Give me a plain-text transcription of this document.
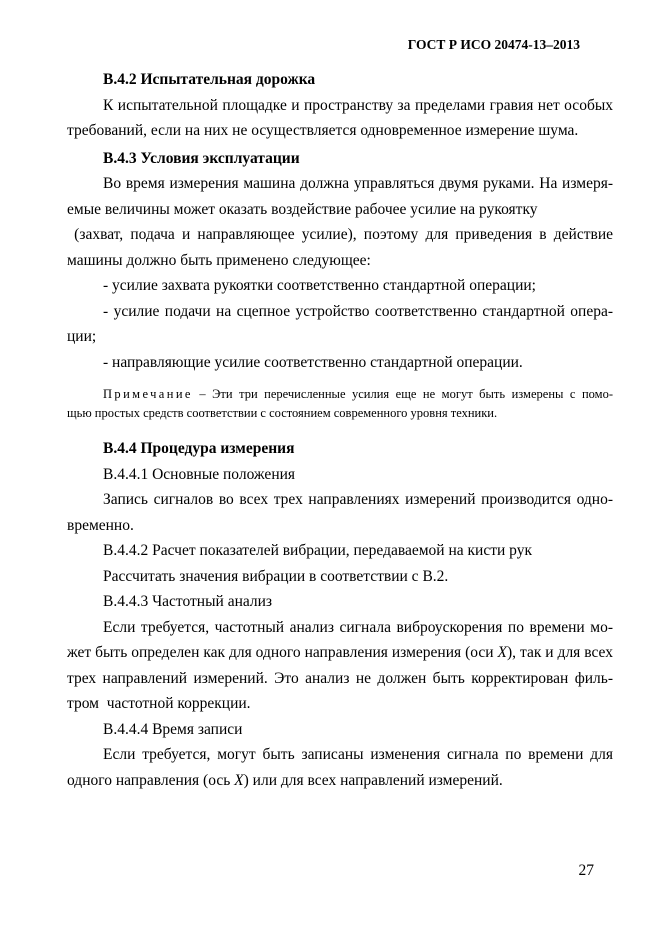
ГОСТ Р ИСО 20474-13–2013

В.4.2 Испытательная дорожка

К испытательной площадке и пространству за пределами гравия нет особых

требований, если на них не осуществляется одновременное измерение шума.

В.4.3 Условия эксплуатации

Во время измерения машина должна управляться двумя руками. На измеря-

емые величины может оказать воздействие рабочее усилие на рукоятку

(захват, подача и направляющее усилие), поэтому для приведения в действие

машины должно быть применено следующее:

- усилие захвата рукоятки соответственно стандартной операции;

- усилие подачи на сцепное устройство соответственно стандартной опера-

ции;

- направляющие усилие соответственно стандартной операции.

Примечание – Эти три перечисленные усилия еще не могут быть измерены с помо-

щью простых средств соответствии с состоянием современного уровня техники.

В.4.4 Процедура измерения

В.4.4.1 Основные положения

Запись сигналов во всех трех направлениях измерений производится одно-

временно.

В.4.4.2 Расчет показателей вибрации, передаваемой на кисти рук

Рассчитать значения вибрации в соответствии с В.2.

В.4.4.3 Частотный анализ

Если требуется, частотный анализ сигнала виброускорения по времени мо-

жет быть определен как для одного направления измерения (оси X), так и для всех

трех направлений измерений. Это анализ не должен быть корректирован филь-

тром  частотной коррекции.

В.4.4.4 Время записи

Если требуется, могут быть записаны изменения сигнала по времени для

одного направления (ось X) или для всех направлений измерений.

27
